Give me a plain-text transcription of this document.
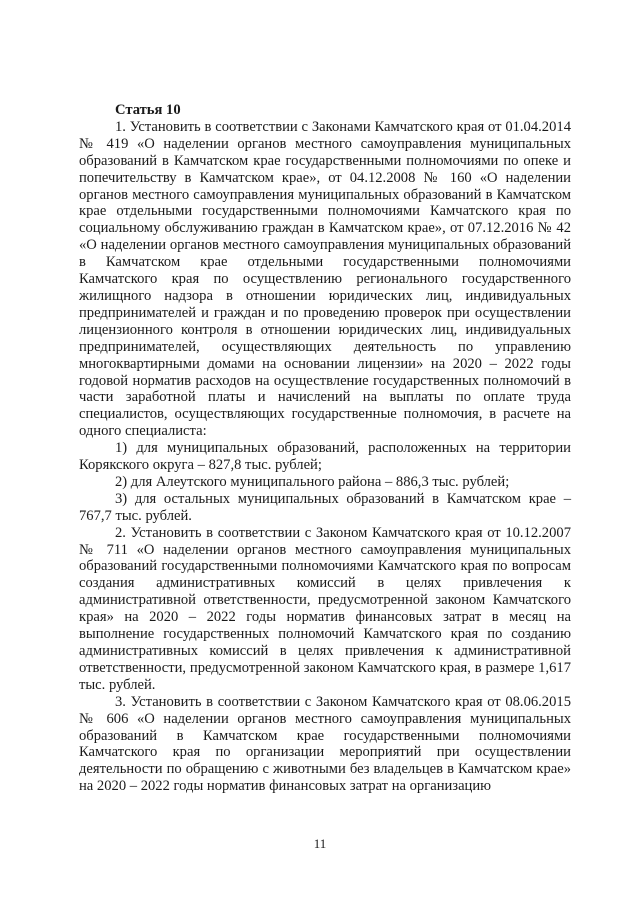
Статья 10

1. Установить в соответствии с Законами Камчатского края от 01.04.2014 № 419 «О наделении органов местного самоуправления муниципальных образований в Камчатском крае государственными полномочиями по опеке и попечительству в Камчатском крае», от 04.12.2008 № 160 «О наделении органов местного самоуправления муниципальных образований в Камчатском крае отдельными государственными полномочиями Камчатского края по социальному обслуживанию граждан в Камчатском крае», от 07.12.2016 № 42 «О наделении органов местного самоуправления муниципальных образований в Камчатском крае отдельными государственными полномочиями Камчатского края по осуществлению регионального государственного жилищного надзора в отношении юридических лиц, индивидуальных предпринимателей и граждан и по проведению проверок при осуществлении лицензионного контроля в отношении юридических лиц, индивидуальных предпринимателей, осуществляющих деятельность по управлению многоквартирными домами на основании лицензии» на 2020 – 2022 годы годовой норматив расходов на осуществление государственных полномочий в части заработной платы и начислений на выплаты по оплате труда специалистов, осуществляющих государственные полномочия, в расчете на одного специалиста:

1) для муниципальных образований, расположенных на территории Корякского округа – 827,8 тыс. рублей;

2) для Алеутского муниципального района – 886,3 тыс. рублей;

3) для остальных муниципальных образований в Камчатском крае – 767,7 тыс. рублей.

2. Установить в соответствии с Законом Камчатского края от 10.12.2007 № 711 «О наделении органов местного самоуправления муниципальных образований государственными полномочиями Камчатского края по вопросам создания административных комиссий в целях привлечения к административной ответственности, предусмотренной законом Камчатского края» на 2020 – 2022 годы норматив финансовых затрат в месяц на выполнение государственных полномочий Камчатского края по созданию административных комиссий в целях привлечения к административной ответственности, предусмотренной законом Камчатского края, в размере 1,617 тыс. рублей.

3. Установить в соответствии с Законом Камчатского края от 08.06.2015 № 606 «О наделении органов местного самоуправления муниципальных образований в Камчатском крае государственными полномочиями Камчатского края по организации мероприятий при осуществлении деятельности по обращению с животными без владельцев в Камчатском крае» на 2020 – 2022 годы норматив финансовых затрат на организацию

11
